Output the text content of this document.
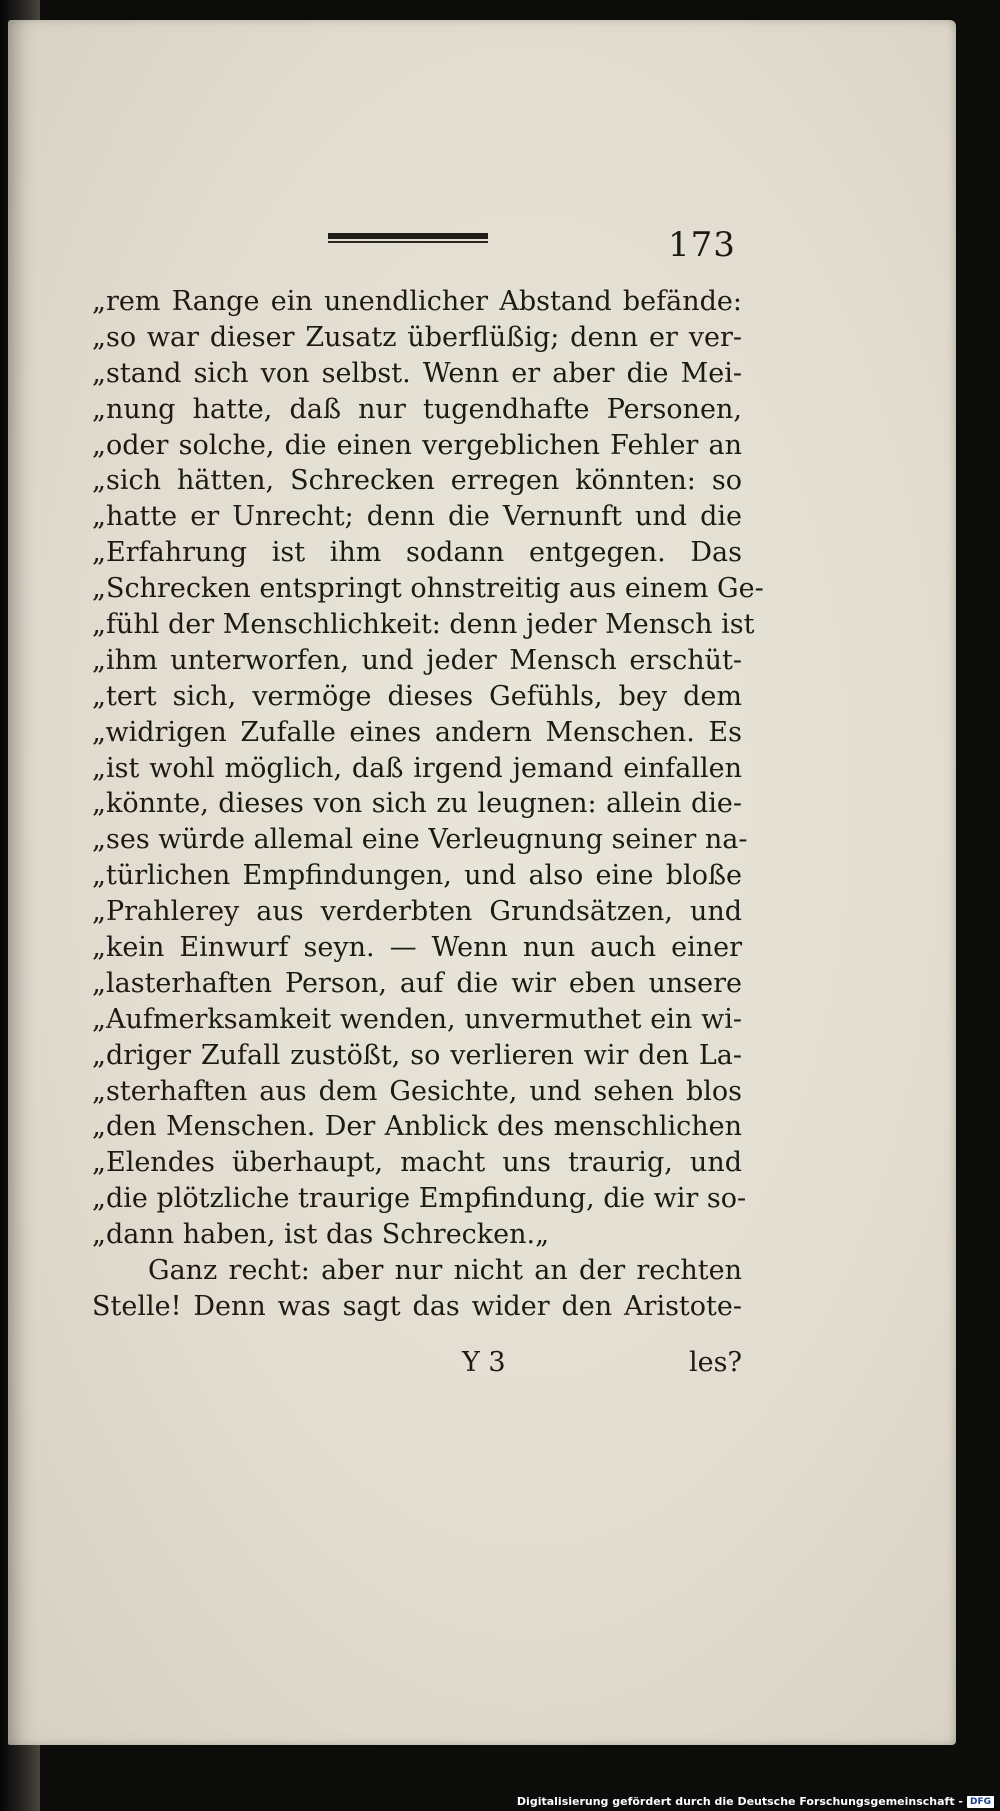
173
„rem Range ein unendlicher Abstand befände:
„so war dieser Zusatz überflüßig; denn er ver-
„stand sich von selbst. Wenn er aber die Mei-
„nung hatte, daß nur tugendhafte Personen,
„oder solche, die einen vergeblichen Fehler an
„sich hätten, Schrecken erregen könnten: so
„hatte er Unrecht; denn die Vernunft und die
„Erfahrung ist ihm sodann entgegen. Das
„Schrecken entspringt ohnstreitig aus einem Ge-
„fühl der Menschlichkeit: denn jeder Mensch ist
„ihm unterworfen, und jeder Mensch erschüt-
„tert sich, vermöge dieses Gefühls, bey dem
„widrigen Zufalle eines andern Menschen. Es
„ist wohl möglich, daß irgend jemand einfallen
„könnte, dieses von sich zu leugnen: allein die-
„ses würde allemal eine Verleugnung seiner na-
„türlichen Empfindungen, und also eine bloße
„Prahlerey aus verderbten Grundsätzen, und
„kein Einwurf seyn. — Wenn nun auch einer
„lasterhaften Person, auf die wir eben unsere
„Aufmerksamkeit wenden, unvermuthet ein wi-
„driger Zufall zustößt, so verlieren wir den La-
„sterhaften aus dem Gesichte, und sehen blos
„den Menschen. Der Anblick des menschlichen
„Elendes überhaupt, macht uns traurig, und
„die plötzliche traurige Empfindung, die wir so-
„dann haben, ist das Schrecken.„
Ganz recht: aber nur nicht an der rechten
Stelle! Denn was sagt das wider den Aristote-
Y 3	les?
Digitalisierung gefördert durch die Deutsche Forschungsgemeinschaft - DFG
